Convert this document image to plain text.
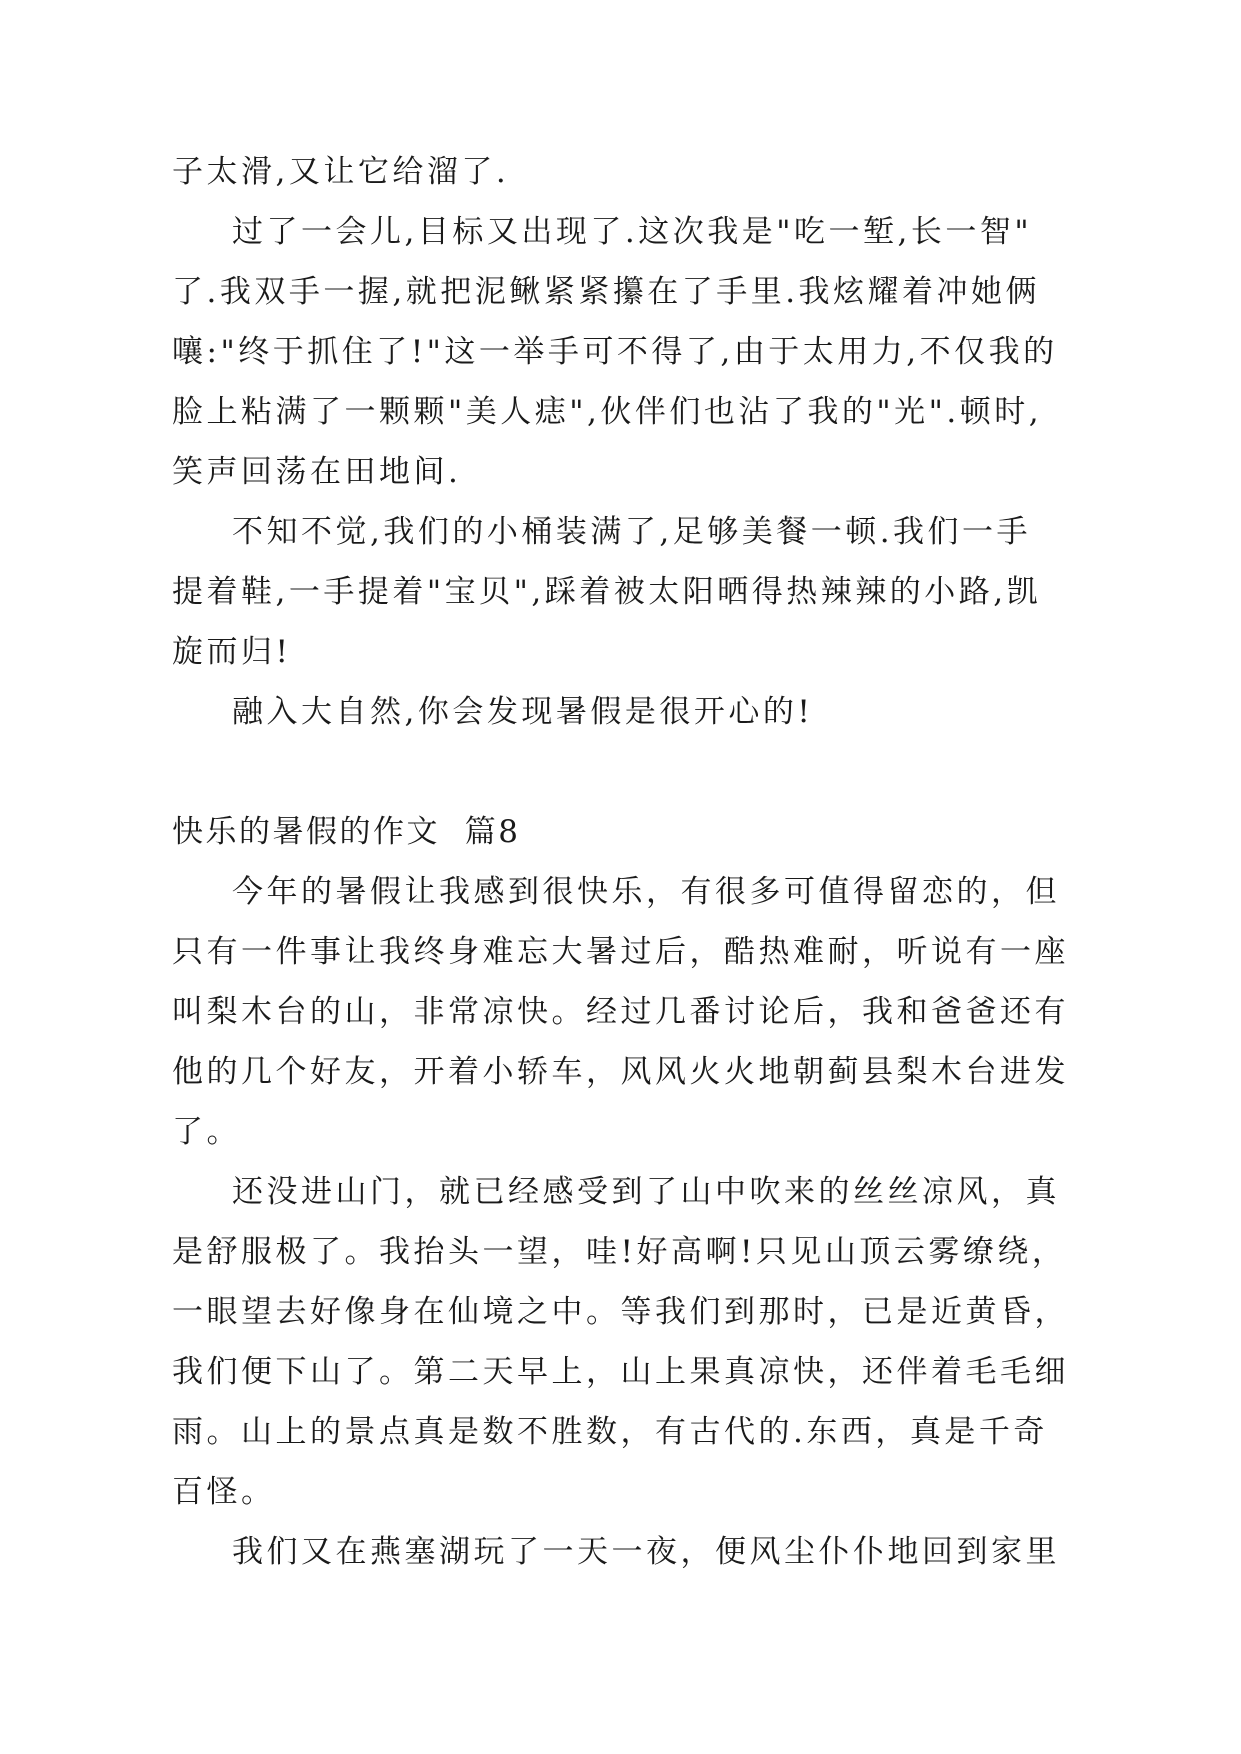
子太滑,又让它给溜了.
过了一会儿,目标又出现了.这次我是"吃一堑,长一智"
了.我双手一握,就把泥鳅紧紧攥在了手里.我炫耀着冲她俩
嚷:"终于抓住了!"这一举手可不得了,由于太用力,不仅我的
脸上粘满了一颗颗"美人痣",伙伴们也沾了我的"光".顿时,
笑声回荡在田地间.
不知不觉,我们的小桶装满了,足够美餐一顿.我们一手
提着鞋,一手提着"宝贝",踩着被太阳晒得热辣辣的小路,凯
旋而归!
融入大自然,你会发现暑假是很开心的!
快乐的暑假的作文  篇8
今年的暑假让我感到很快乐，有很多可值得留恋的，但
只有一件事让我终身难忘大暑过后，酷热难耐，听说有一座
叫梨木台的山，非常凉快。经过几番讨论后，我和爸爸还有
他的几个好友，开着小轿车，风风火火地朝蓟县梨木台进发
了。
还没进山门，就已经感受到了山中吹来的丝丝凉风，真
是舒服极了。我抬头一望，哇!好高啊!只见山顶云雾缭绕，
一眼望去好像身在仙境之中。等我们到那时，已是近黄昏，
我们便下山了。第二天早上，山上果真凉快，还伴着毛毛细
雨。山上的景点真是数不胜数，有古代的.东西，真是千奇
百怪。
我们又在燕塞湖玩了一天一夜，便风尘仆仆地回到家里
